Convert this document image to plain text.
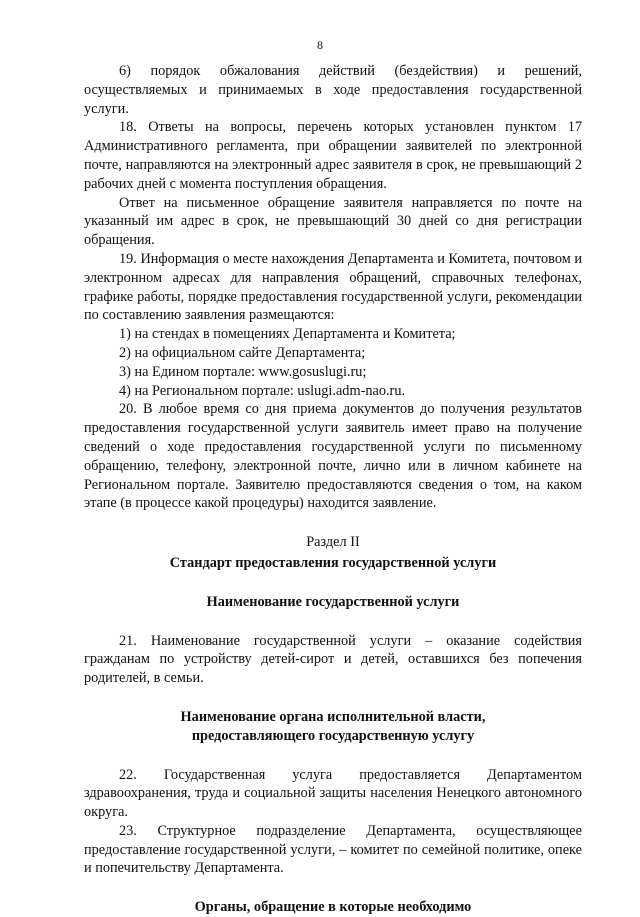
8

6) порядок обжалования действий (бездействия) и решений, осуществляемых и принимаемых в ходе предоставления государственной услуги.

18. Ответы на вопросы, перечень которых установлен пунктом 17 Административного регламента, при обращении заявителей по электронной почте, направляются на электронный адрес заявителя в срок, не превышающий 2 рабочих дней с момента поступления обращения.

Ответ на письменное обращение заявителя направляется по почте на указанный им адрес в срок, не превышающий 30 дней со дня регистрации обращения.

19. Информация о месте нахождения Департамента и Комитета, почтовом и электронном адресах для направления обращений, справочных телефонах, графике работы, порядке предоставления государственной услуги, рекомендации по составлению заявления размещаются:

1) на стендах в помещениях Департамента и Комитета;

2) на официальном сайте Департамента;

3) на Едином портале: www.gosuslugi.ru;

4) на Региональном портале: uslugi.adm-nao.ru.

20. В любое время со дня приема документов до получения результатов предоставления государственной услуги заявитель имеет право на получение сведений о ходе предоставления государственной услуги по письменному обращению, телефону, электронной почте, лично или в личном кабинете на Региональном портале. Заявителю предоставляются сведения о том, на каком этапе (в процессе какой процедуры) находится заявление.

Раздел II

Стандарт предоставления государственной услуги

Наименование государственной услуги

21. Наименование государственной услуги – оказание содействия гражданам по устройству детей-сирот и детей, оставшихся без попечения родителей, в семьи.

Наименование органа исполнительной власти,

предоставляющего государственную услугу

22. Государственная услуга предоставляется Департаментом здравоохранения, труда и социальной защиты населения Ненецкого автономного округа.

23. Структурное подразделение Департамента, осуществляющее предоставление государственной услуги, – комитет по семейной политике, опеке и попечительству Департамента.

Органы, обращение в которые необходимо
